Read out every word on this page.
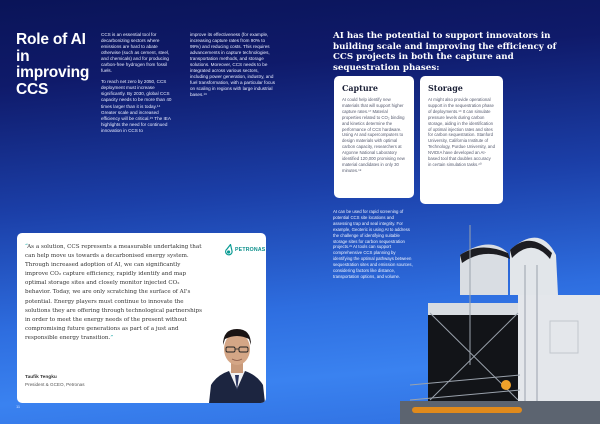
Role of AI
in improving
CCS

CCS is an essential tool for decarbonizing sectors where emissions are hard to abate otherwise (such as cement, steel, and chemicals) and for producing carbon-free hydrogen from fossil fuels.

To reach net zero by 2050, CCS deployment must increase significantly. By 2030, global CCS capacity needs to be more than 40 times larger than it is today.¹⁴ Greater scale and increased efficiency will be critical.¹⁵ The IEA highlights the need for continued innovation in CCS to

improve its effectiveness (for example, increasing capture rates from 90% to 99%) and reducing costs. This requires advancements in capture technologies, transportation methods, and storage solutions. Moreover, CCS needs to be integrated across various sectors, including power generation, industry, and fuel transformation, with a particular focus on scaling in regions with large industrial bases.¹⁶

AI has the potential to support innovators in building scale and improving the efficiency of CCS projects in both the capture and sequestration phases:
Capture
AI could help identify new materials that will support higher capture rates.¹⁷ Material properties related to CO₂ binding and kinetics determine the performance of CCS hardware. Using AI and supercomputers to design materials with optimal carbon capacity, researchers at Argonne National Laboratory identified 120,000 promising new material candidates in only 30 minutes.¹⁸
Storage
AI might also provide operational support in the sequestration phase of deployments.¹⁹ It can simulate pressure levels during carbon storage, aiding in the identification of optimal injection rates and sites for carbon sequestration. Stanford University, California Institute of Technology, Purdue University, and NVIDIA have developed an AI-based tool that doubles accuracy in certain simulation tasks.²⁰
AI can be used for rapid screening of potential CCS site locations and assessing trap and seal integrity. For example, Geoteric is using AI to address the challenge of identifying suitable storage sites for carbon sequestration projects.²¹ AI tools can support comprehensive CCS planning by identifying the optimal pathways between sequestration sites and emission sources, considering factors like distance, transportation options, and volume.
“As a solution, CCS represents a measurable undertaking that can help move us towards a decarbonised energy system. Through increased adoption of AI, we can significantly improve CO₂ capture efficiency, rapidly identify and map optimal storage sites and closely monitor injected CO₂ behavior. Today, we are only scratching the surface of AI's potential. Energy players must continue to innovate the solutions they are offering through technological partnerships in order to meet the energy needs of the present without compromising future generations as part of a just and responsible energy transition.”
PETRONAS
Taufik Tengku
President & GCEO, Petronas
11
